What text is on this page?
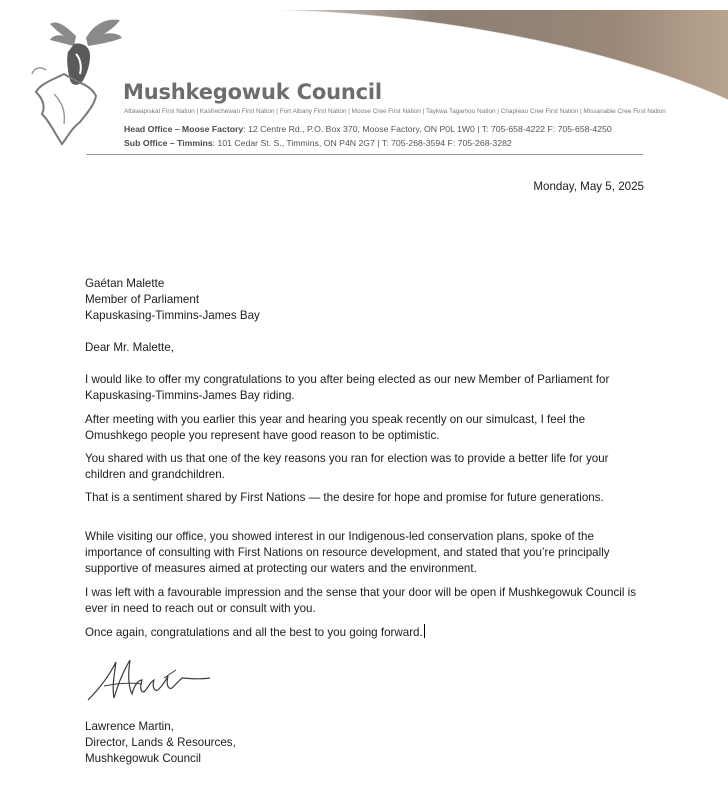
Mushkegowuk Council
Attawapiskat First Nation | Kashechewan First Nation | Fort Albany First Nation | Moose Cree First Nation | Taykwa Tagamou Nation | Chapleau Cree First Nation | Missanabie Cree First Nation
Head Office – Moose Factory: 12 Centre Rd., P.O. Box 370, Moose Factory, ON P0L 1W0 | T: 705-658-4222 F: 705-658-4250
Sub Office – Timmins: 101 Cedar St. S., Timmins, ON P4N 2G7 | T: 705-268-3594 F: 705-268-3282
Monday, May 5, 2025
Gaétan Malette
Member of Parliament
Kapuskasing-Timmins-James Bay
Dear Mr. Malette,
I would like to offer my congratulations to you after being elected as our new Member of Parliament for Kapuskasing-Timmins-James Bay riding.
After meeting with you earlier this year and hearing you speak recently on our simulcast, I feel the Omushkego people you represent have good reason to be optimistic.
You shared with us that one of the key reasons you ran for election was to provide a better life for your children and grandchildren.
That is a sentiment shared by First Nations — the desire for hope and promise for future generations.
While visiting our office, you showed interest in our Indigenous-led conservation plans, spoke of the importance of consulting with First Nations on resource development, and stated that you’re principally supportive of measures aimed at protecting our waters and the environment.
I was left with a favourable impression and the sense that your door will be open if Mushkegowuk Council is ever in need to reach out or consult with you.
Once again, congratulations and all the best to you going forward.
Lawrence Martin,
Director, Lands & Resources,
Mushkegowuk Council
